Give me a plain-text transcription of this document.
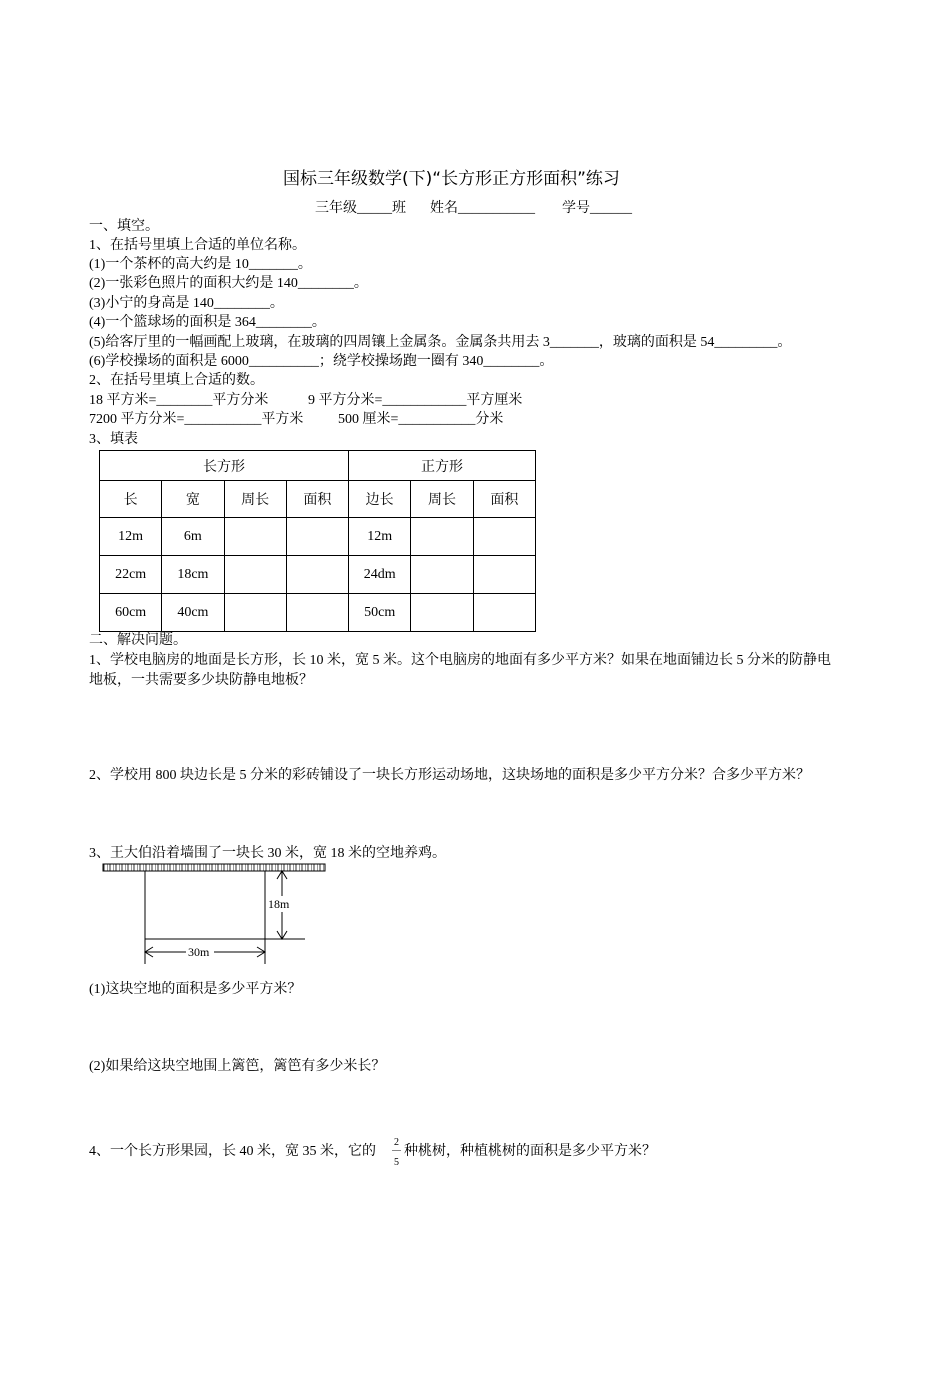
国标三年级数学(下)“长方形正方形面积”练习
三年级_____班 姓名___________ 学号______
一、填空。
1、在括号里填上合适的单位名称。
(1)一个茶杯的高大约是 10_______。
(2)一张彩色照片的面积大约是 140________。
(3)小宁的身高是 140________。
(4)一个篮球场的面积是 364________。
(5)给客厅里的一幅画配上玻璃，在玻璃的四周镶上金属条。金属条共用去 3_______，玻璃的面积是 54_________。
(6)学校操场的面积是 6000__________；绕学校操场跑一圈有 340________。
2、在括号里填上合适的数。
18 平方米=________平方分米	9 平方分米=____________平方厘米
7200 平方分米=___________平方米 500 厘米=___________分米
3、填表
长方形				正方形		
长	宽	周长	面积	边长	周长	面积
12m	6m			12m		
22cm	18cm			24dm		
60cm	40cm			50cm		
二、解决问题。
1、学校电脑房的地面是长方形，长 10 米，宽 5 米。这个电脑房的地面有多少平方米？如果在地面铺边长 5 分米的防静电
地板，一共需要多少块防静电地板？
2、学校用 800 块边长是 5 分米的彩砖铺设了一块长方形运动场地，这块场地的面积是多少平方分米？合多少平方米？
3、王大伯沿着墙围了一块长 30 米，宽 18 米的空地养鸡。
18m
30m
(1)这块空地的面积是多少平方米？
(2)如果给这块空地围上篱笆，篱笆有多少米长？
4、一个长方形果园，长 40 米，宽 35 米，它的
2
5
种桃树，种植桃树的面积是多少平方米？
